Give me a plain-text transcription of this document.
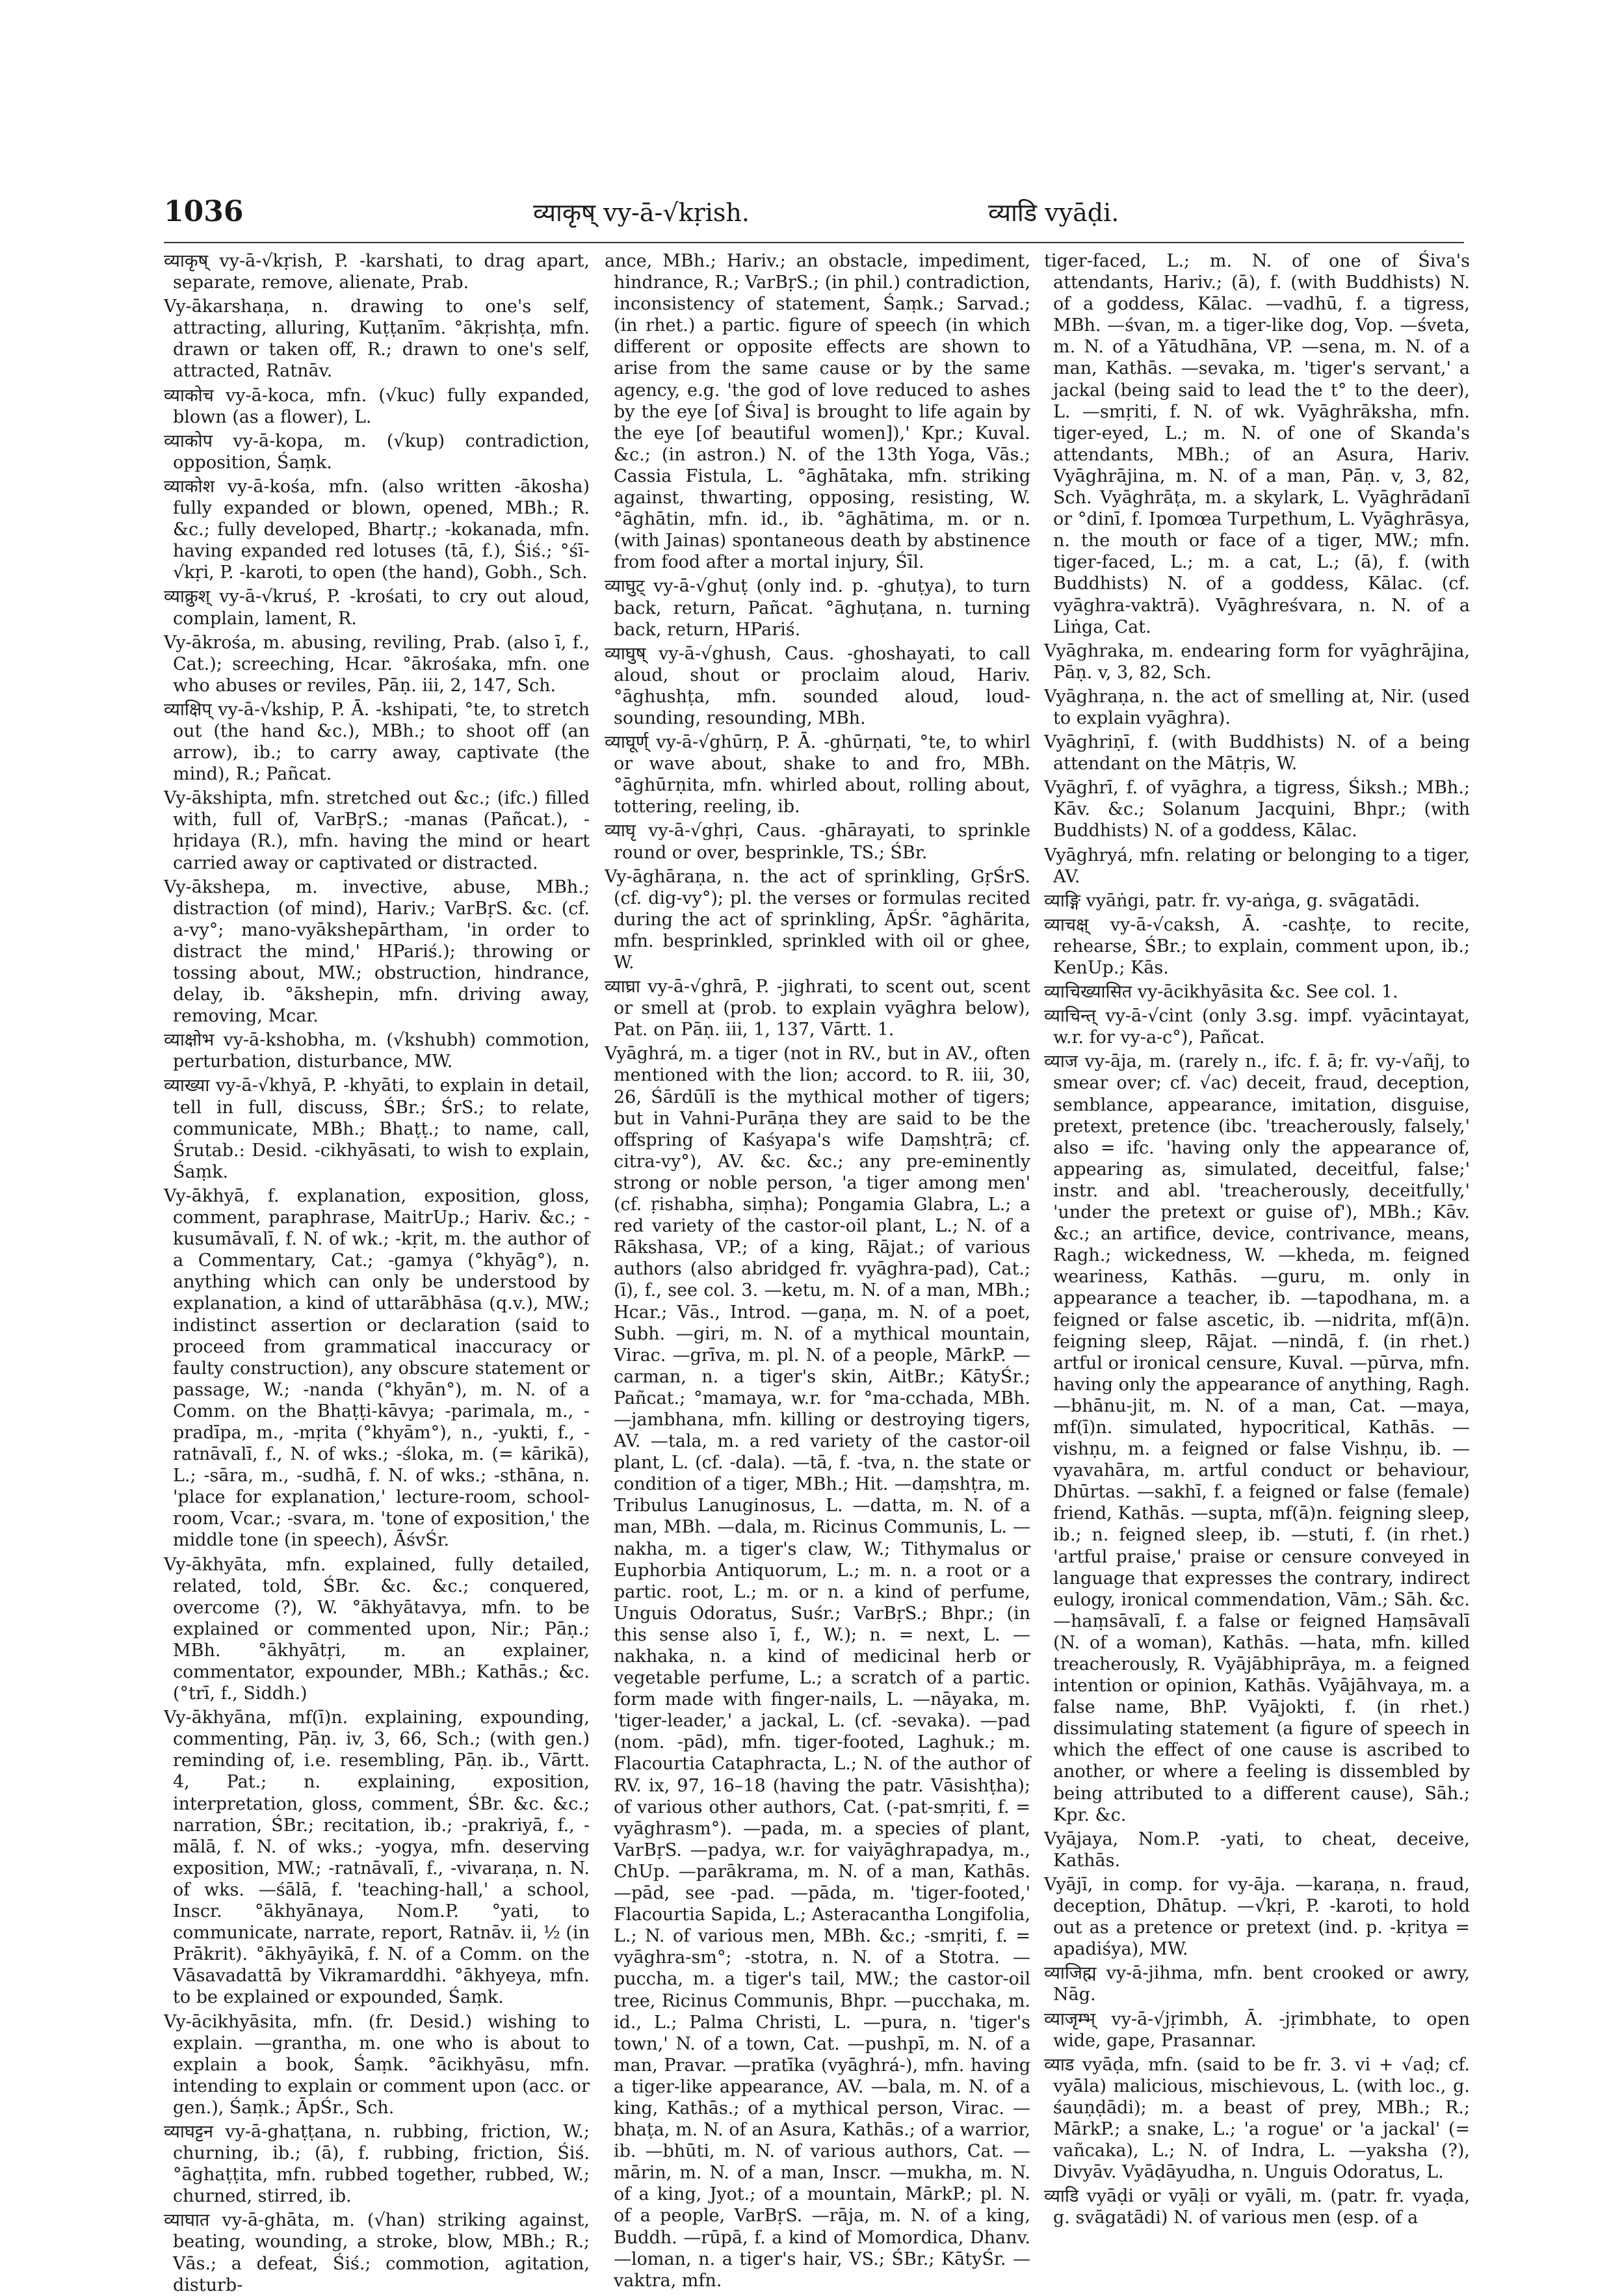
1036	व्याकृष् vy-ā-√kṛish.	व्याडि vyāḍi.

व्याकृष् vy-ā-√kṛish, P. -karshati, to drag apart, separate, remove, alienate, Prab.

Vy-ākarshaṇa, n. drawing to one's self, attracting, alluring, Kuṭṭanīm. °ākṛishṭa, mfn. drawn or taken off, R.; drawn to one's self, attracted, Ratnāv.

व्याकोच vy-ā-koca, mfn. (√kuc) fully expanded, blown (as a flower), L.

व्याकोप vy-ā-kopa, m. (√kup) contradiction, opposition, Śaṃk.

व्याकोश vy-ā-kośa, mfn. (also written -ākosha) fully expanded or blown, opened, MBh.; R. &c.; fully developed, Bhartṛ.; -kokanada, mfn. having expanded red lotuses (tā, f.), Śiś.; °śī-√kṛi, P. -karoti, to open (the hand), Gobh., Sch.

व्याक्रुश् vy-ā-√kruś, P. -krośati, to cry out aloud, complain, lament, R.

Vy-ākrośa, m. abusing, reviling, Prab. (also ī, f., Cat.); screeching, Hcar. °ākrośaka, mfn. one who abuses or reviles, Pāṇ. iii, 2, 147, Sch.

व्याक्षिप् vy-ā-√kship, P. Ā. -kshipati, °te, to stretch out (the hand &c.), MBh.; to shoot off (an arrow), ib.; to carry away, captivate (the mind), R.; Pañcat.

Vy-ākshipta, mfn. stretched out &c.; (ifc.) filled with, full of, VarBṛS.; -manas (Pañcat.), -hṛidaya (R.), mfn. having the mind or heart carried away or captivated or distracted.

Vy-ākshepa, m. invective, abuse, MBh.; distraction (of mind), Hariv.; VarBṛS. &c. (cf. a-vy°; mano-vyākshepārtham, 'in order to distract the mind,' HPariś.); throwing or tossing about, MW.; obstruction, hindrance, delay, ib. °ākshepin, mfn. driving away, removing, Mcar.

व्याक्षोभ vy-ā-kshobha, m. (√kshubh) commotion, perturbation, disturbance, MW.

व्याख्या vy-ā-√khyā, P. -khyāti, to explain in detail, tell in full, discuss, ŚBr.; ŚrS.; to relate, communicate, MBh.; Bhaṭṭ.; to name, call, Śrutab.: Desid. -cikhyāsati, to wish to explain, Śaṃk.

Vy-ākhyā, f. explanation, exposition, gloss, comment, paraphrase, MaitrUp.; Hariv. &c.; -kusumāvalī, f. N. of wk.; -kṛit, m. the author of a Commentary, Cat.; -gamya (°khyāg°), n. anything which can only be understood by explanation, a kind of uttarābhāsa (q.v.), MW.; indistinct assertion or declaration (said to proceed from grammatical inaccuracy or faulty construction), any obscure statement or passage, W.; -nanda (°khyān°), m. N. of a Comm. on the Bhaṭṭi-kāvya; -parimala, m., -pradīpa, m., -mṛita (°khyām°), n., -yukti, f., -ratnāvalī, f., N. of wks.; -śloka, m. (= kārikā), L.; -sāra, m., -sudhā, f. N. of wks.; -sthāna, n. 'place for explanation,' lecture-room, school-room, Vcar.; -svara, m. 'tone of exposition,' the middle tone (in speech), ĀśvŚr.

Vy-ākhyāta, mfn. explained, fully detailed, related, told, ŚBr. &c. &c.; conquered, overcome (?), W. °ākhyātavya, mfn. to be explained or commented upon, Nir.; Pāṇ.; MBh. °ākhyātṛi, m. an explainer, commentator, expounder, MBh.; Kathās.; &c. (°trī, f., Siddh.)

Vy-ākhyāna, mf(ī)n. explaining, expounding, commenting, Pāṇ. iv, 3, 66, Sch.; (with gen.) reminding of, i.e. resembling, Pāṇ. ib., Vārtt. 4, Pat.; n. explaining, exposition, interpretation, gloss, comment, ŚBr. &c. &c.; narration, ŚBr.; recitation, ib.; -prakriyā, f., -mālā, f. N. of wks.; -yogya, mfn. deserving exposition, MW.; -ratnāvalī, f., -vivaraṇa, n. N. of wks. —śālā, f. 'teaching-hall,' a school, Inscr. °ākhyānaya, Nom.P. °yati, to communicate, narrate, report, Ratnāv. ii, ½ (in Prākrit). °ākhyāyikā, f. N. of a Comm. on the Vāsavadattā by Vikramarddhi. °ākhyeya, mfn. to be explained or expounded, Śaṃk.

Vy-ācikhyāsita, mfn. (fr. Desid.) wishing to explain. —grantha, m. one who is about to explain a book, Śaṃk. °ācikhyāsu, mfn. intending to explain or comment upon (acc. or gen.), Śaṃk.; ĀpŚr., Sch.

व्याघट्टन vy-ā-ghaṭṭana, n. rubbing, friction, W.; churning, ib.; (ā), f. rubbing, friction, Śiś. °āghaṭṭita, mfn. rubbed together, rubbed, W.; churned, stirred, ib.

व्याघात vy-ā-ghāta, m. (√han) striking against, beating, wounding, a stroke, blow, MBh.; R.; Vās.; a defeat, Śiś.; commotion, agitation, disturb-

ance, MBh.; Hariv.; an obstacle, impediment, hindrance, R.; VarBṛS.; (in phil.) contradiction, inconsistency of statement, Śaṃk.; Sarvad.; (in rhet.) a partic. figure of speech (in which different or opposite effects are shown to arise from the same cause or by the same agency, e.g. 'the god of love reduced to ashes by the eye [of Śiva] is brought to life again by the eye [of beautiful women]),' Kpr.; Kuval. &c.; (in astron.) N. of the 13th Yoga, Vās.; Cassia Fistula, L. °āghātaka, mfn. striking against, thwarting, opposing, resisting, W. °āghātin, mfn. id., ib. °āghātima, m. or n. (with Jainas) spontaneous death by abstinence from food after a mortal injury, Śīl.

व्याघुट् vy-ā-√ghuṭ (only ind. p. -ghuṭya), to turn back, return, Pañcat. °āghuṭana, n. turning back, return, HPariś.

व्याघुष् vy-ā-√ghush, Caus. -ghoshayati, to call aloud, shout or proclaim aloud, Hariv. °āghushṭa, mfn. sounded aloud, loud-sounding, resounding, MBh.

व्याघूर्ण् vy-ā-√ghūrṇ, P. Ā. -ghūrṇati, °te, to whirl or wave about, shake to and fro, MBh. °āghūrṇita, mfn. whirled about, rolling about, tottering, reeling, ib.

व्याघृ vy-ā-√ghṛi, Caus. -ghārayati, to sprinkle round or over, besprinkle, TS.; ŚBr.

Vy-āghāraṇa, n. the act of sprinkling, GṛŚrS. (cf. dig-vy°); pl. the verses or formulas recited during the act of sprinkling, ĀpŚr. °āghārita, mfn. besprinkled, sprinkled with oil or ghee, W.

व्याघ्रा vy-ā-√ghrā, P. -jighrati, to scent out, scent or smell at (prob. to explain vyāghra below), Pat. on Pāṇ. iii, 1, 137, Vārtt. 1.

Vyāghrá, m. a tiger (not in RV., but in AV., often mentioned with the lion; accord. to R. iii, 30, 26, Śārdūlī is the mythical mother of tigers; but in Vahni-Purāṇa they are said to be the offspring of Kaśyapa's wife Daṃshṭrā; cf. citra-vy°), AV. &c. &c.; any pre-eminently strong or noble person, 'a tiger among men' (cf. ṛishabha, siṃha); Pongamia Glabra, L.; a red variety of the castor-oil plant, L.; N. of a Rākshasa, VP.; of a king, Rājat.; of various authors (also abridged fr. vyāghra-pad), Cat.; (ī), f., see col. 3. —ketu, m. N. of a man, MBh.; Hcar.; Vās., Introd. —gaṇa, m. N. of a poet, Subh. —giri, m. N. of a mythical mountain, Virac. —grīva, m. pl. N. of a people, MārkP. —carman, n. a tiger's skin, AitBr.; KātyŚr.; Pañcat.; °mamaya, w.r. for °ma-cchada, MBh. —jambhana, mfn. killing or destroying tigers, AV. —tala, m. a red variety of the castor-oil plant, L. (cf. -dala). —tā, f. -tva, n. the state or condition of a tiger, MBh.; Hit. —daṃshṭra, m. Tribulus Lanuginosus, L. —datta, m. N. of a man, MBh. —dala, m. Ricinus Communis, L. —nakha, m. a tiger's claw, W.; Tithymalus or Euphorbia Antiquorum, L.; m. n. a root or a partic. root, L.; m. or n. a kind of perfume, Unguis Odoratus, Suśr.; VarBṛS.; Bhpr.; (in this sense also ī, f., W.); n. = next, L. —nakhaka, n. a kind of medicinal herb or vegetable perfume, L.; a scratch of a partic. form made with finger-nails, L. —nāyaka, m. 'tiger-leader,' a jackal, L. (cf. -sevaka). —pad (nom. -pād), mfn. tiger-footed, Laghuk.; m. Flacourtia Cataphracta, L.; N. of the author of RV. ix, 97, 16–18 (having the patr. Vāsishṭha); of various other authors, Cat. (-pat-smṛiti, f. = vyāghrasm°). —pada, m. a species of plant, VarBṛS. —padya, w.r. for vaiyāghrapadya, m., ChUp. —parākrama, m. N. of a man, Kathās. —pād, see -pad. —pāda, m. 'tiger-footed,' Flacourtia Sapida, L.; Asteracantha Longifolia, L.; N. of various men, MBh. &c.; -smṛiti, f. = vyāghra-sm°; -stotra, n. N. of a Stotra. —puccha, m. a tiger's tail, MW.; the castor-oil tree, Ricinus Communis, Bhpr. —pucchaka, m. id., L.; Palma Christi, L. —pura, n. 'tiger's town,' N. of a town, Cat. —pushpī, m. N. of a man, Pravar. —pratīka (vyāghrá-), mfn. having a tiger-like appearance, AV. —bala, m. N. of a king, Kathās.; of a mythical person, Virac. —bhaṭa, m. N. of an Asura, Kathās.; of a warrior, ib. —bhūti, m. N. of various authors, Cat. —mārin, m. N. of a man, Inscr. —mukha, m. N. of a king, Jyot.; of a mountain, MārkP.; pl. N. of a people, VarBṛS. —rāja, m. N. of a king, Buddh. —rūpā, f. a kind of Momordica, Dhanv. —loman, n. a tiger's hair, VS.; ŚBr.; KātyŚr. —vaktra, mfn.

tiger-faced, L.; m. N. of one of Śiva's attendants, Hariv.; (ā), f. (with Buddhists) N. of a goddess, Kālac. —vadhū, f. a tigress, MBh. —śvan, m. a tiger-like dog, Vop. —śveta, m. N. of a Yātudhāna, VP. —sena, m. N. of a man, Kathās. —sevaka, m. 'tiger's servant,' a jackal (being said to lead the t° to the deer), L. —smṛiti, f. N. of wk. Vyāghrāksha, mfn. tiger-eyed, L.; m. N. of one of Skanda's attendants, MBh.; of an Asura, Hariv. Vyāghrājina, m. N. of a man, Pāṇ. v, 3, 82, Sch. Vyāghrāṭa, m. a skylark, L. Vyāghrādanī or °dinī, f. Ipomœa Turpethum, L. Vyāghrāsya, n. the mouth or face of a tiger, MW.; mfn. tiger-faced, L.; m. a cat, L.; (ā), f. (with Buddhists) N. of a goddess, Kālac. (cf. vyāghra-vaktrā). Vyāghreśvara, n. N. of a Liṅga, Cat.

Vyāghraka, m. endearing form for vyāghrājina, Pāṇ. v, 3, 82, Sch.

Vyāghraṇa, n. the act of smelling at, Nir. (used to explain vyāghra).

Vyāghriṇī, f. (with Buddhists) N. of a being attendant on the Mātṛis, W.

Vyāghrī, f. of vyāghra, a tigress, Śiksh.; MBh.; Kāv. &c.; Solanum Jacquini, Bhpr.; (with Buddhists) N. of a goddess, Kālac.

Vyāghryá, mfn. relating or belonging to a tiger, AV.

व्याङ्गि vyāṅgi, patr. fr. vy-aṅga, g. svāgatādi.

व्याचक्ष् vy-ā-√caksh, Ā. -cashṭe, to recite, rehearse, ŚBr.; to explain, comment upon, ib.; KenUp.; Kās.

व्याचिख्यासित vy-ācikhyāsita &c. See col. 1.

व्याचिन्त् vy-ā-√cint (only 3.sg. impf. vyācintayat, w.r. for vy-a-c°), Pañcat.

व्याज vy-āja, m. (rarely n., ifc. f. ā; fr. vy-√añj, to smear over; cf. √ac) deceit, fraud, deception, semblance, appearance, imitation, disguise, pretext, pretence (ibc. 'treacherously, falsely,' also = ifc. 'having only the appearance of, appearing as, simulated, deceitful, false;' instr. and abl. 'treacherously, deceitfully,' 'under the pretext or guise of'), MBh.; Kāv. &c.; an artifice, device, contrivance, means, Ragh.; wickedness, W. —kheda, m. feigned weariness, Kathās. —guru, m. only in appearance a teacher, ib. —tapodhana, m. a feigned or false ascetic, ib. —nidrita, mf(ā)n. feigning sleep, Rājat. —nindā, f. (in rhet.) artful or ironical censure, Kuval. —pūrva, mfn. having only the appearance of anything, Ragh. —bhānu-jit, m. N. of a man, Cat. —maya, mf(ī)n. simulated, hypocritical, Kathās. —vishṇu, m. a feigned or false Vishṇu, ib. —vyavahāra, m. artful conduct or behaviour, Dhūrtas. —sakhī, f. a feigned or false (female) friend, Kathās. —supta, mf(ā)n. feigning sleep, ib.; n. feigned sleep, ib. —stuti, f. (in rhet.) 'artful praise,' praise or censure conveyed in language that expresses the contrary, indirect eulogy, ironical commendation, Vām.; Sāh. &c. —haṃsāvalī, f. a false or feigned Haṃsāvalī (N. of a woman), Kathās. —hata, mfn. killed treacherously, R. Vyājābhiprāya, m. a feigned intention or opinion, Kathās. Vyājāhvaya, m. a false name, BhP. Vyājokti, f. (in rhet.) dissimulating statement (a figure of speech in which the effect of one cause is ascribed to another, or where a feeling is dissembled by being attributed to a different cause), Sāh.; Kpr. &c.

Vyājaya, Nom.P. -yati, to cheat, deceive, Kathās.

Vyājī, in comp. for vy-āja. —karaṇa, n. fraud, deception, Dhātup. —√kṛi, P. -karoti, to hold out as a pretence or pretext (ind. p. -kṛitya = apadiśya), MW.

व्याजिह्म vy-ā-jihma, mfn. bent crooked or awry, Nāg.

व्याजृम्भ् vy-ā-√jṛimbh, Ā. -jṛimbhate, to open wide, gape, Prasannar.

व्याड vyāḍa, mfn. (said to be fr. 3. vi + √aḍ; cf. vyāla) malicious, mischievous, L. (with loc., g. śauṇḍādi); m. a beast of prey, MBh.; R.; MārkP.; a snake, L.; 'a rogue' or 'a jackal' (= vañcaka), L.; N. of Indra, L. —yaksha (?), Divyāv. Vyāḍāyudha, n. Unguis Odoratus, L.

व्याडि vyāḍi or vyāḷi or vyāli, m. (patr. fr. vyaḍa, g. svāgatādi) N. of various men (esp. of a
